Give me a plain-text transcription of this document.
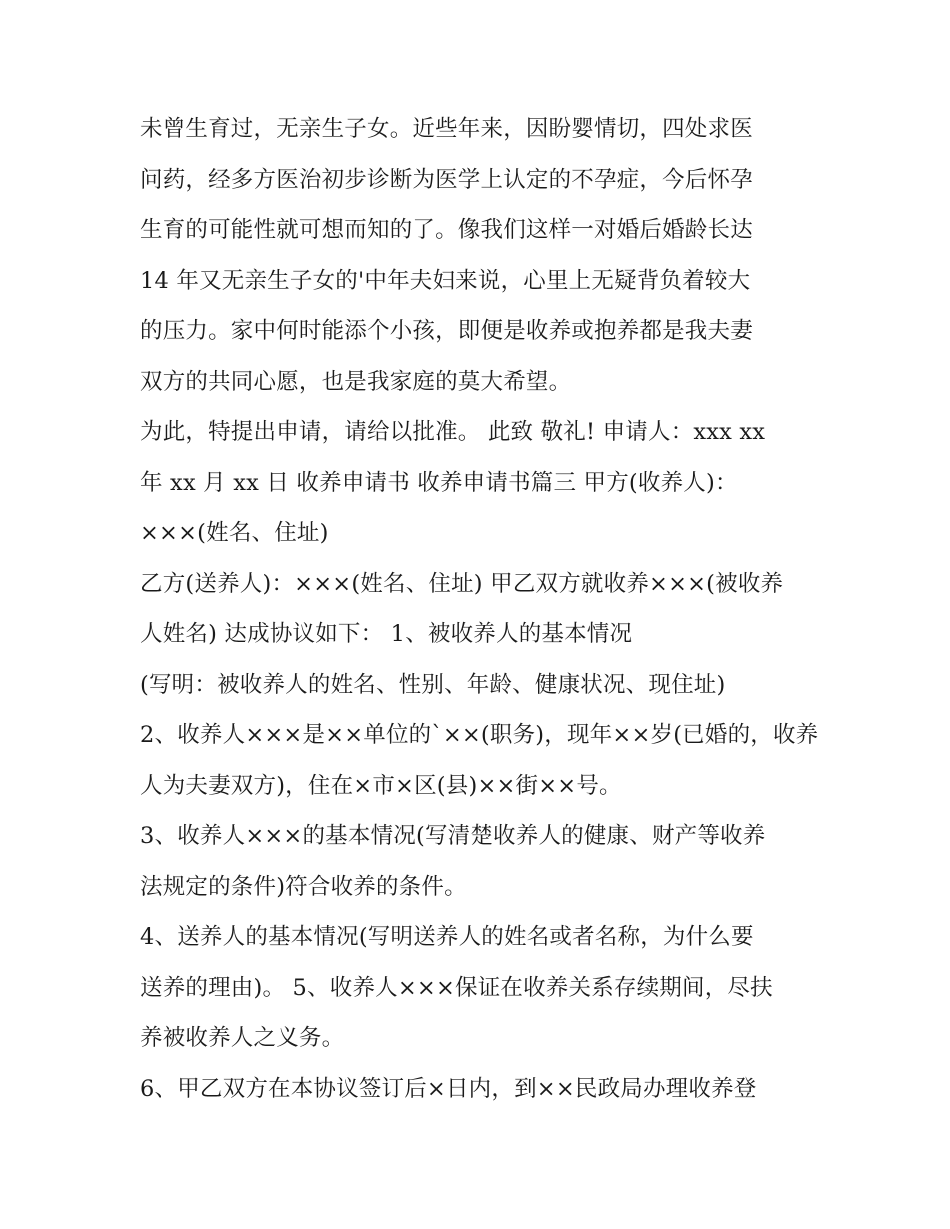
未曾生育过，无亲生子女。近些年来，因盼婴情切，四处求医
问药，经多方医治初步诊断为医学上认定的不孕症，今后怀孕
生育的可能性就可想而知的了。像我们这样一对婚后婚龄长达
14 年又无亲生子女的'中年夫妇来说，心里上无疑背负着较大
的压力。家中何时能添个小孩，即便是收养或抱养都是我夫妻
双方的共同心愿，也是我家庭的莫大希望。

为此，特提出申请，请给以批准。 此致 敬礼! 申请人：xxx xx
年 xx 月 xx 日 收养申请书 收养申请书篇三 甲方(收养人)：
×××(姓名、住址)

乙方(送养人)：×××(姓名、住址) 甲乙双方就收养×××(被收养
人姓名) 达成协议如下： 1、被收养人的基本情况

(写明：被收养人的姓名、性别、年龄、健康状况、现住址)

2、收养人×××是××单位的`××(职务)，现年××岁(已婚的，收养
人为夫妻双方)，住在×市×区(县)××街××号。

3、收养人×××的基本情况(写清楚收养人的健康、财产等收养
法规定的条件)符合收养的条件。

4、送养人的基本情况(写明送养人的姓名或者名称，为什么要
送养的理由)。 5、收养人×××保证在收养关系存续期间，尽扶
养被收养人之义务。

6、甲乙双方在本协议签订后×日内，到××民政局办理收养登
